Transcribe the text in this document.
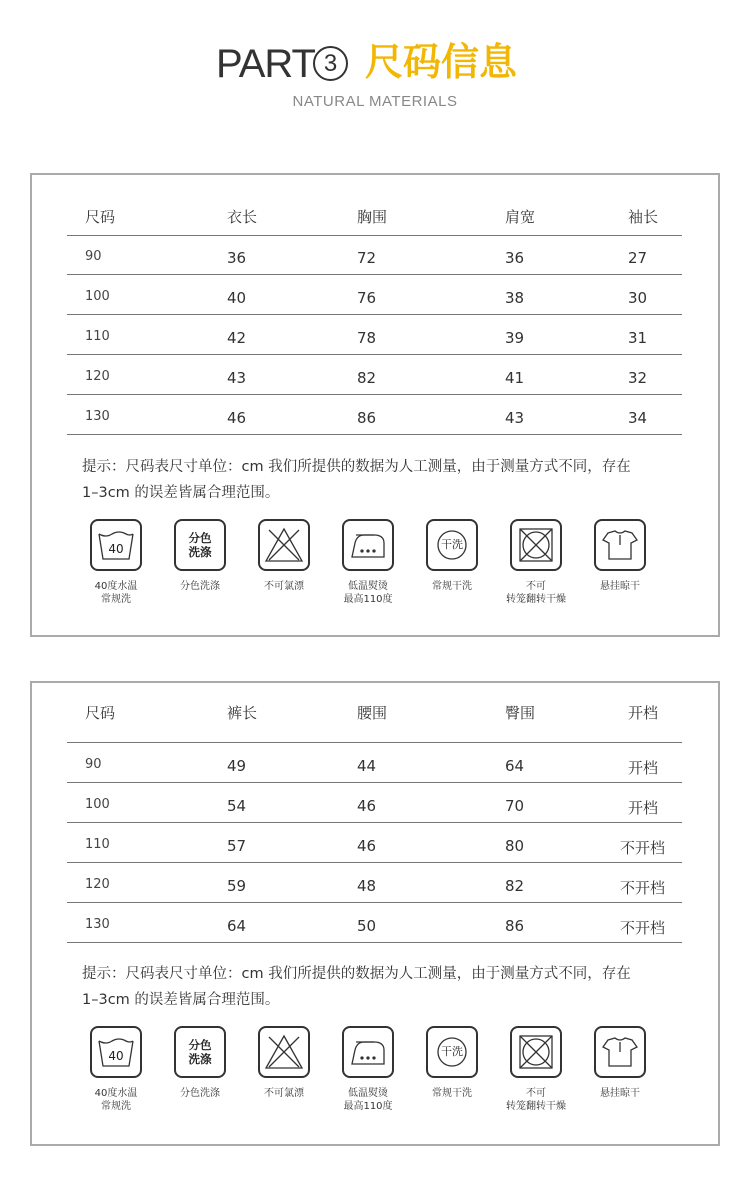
PART 3 尺码信息
NATURAL MATERIALS
尺码	衣长	胸围	肩宽	袖长
90	36	72	36	27
100	40	76	38	30
110	42	78	39	31
120	43	82	41	32
130	46	86	43	34
提示：尺码表尺寸单位：cm 我们所提供的数据为人工测量，由于测量方式不同，存在
1–3cm 的误差皆属合理范围。
40
40度水温
常规洗
分色
洗涤
分色洗涤	不可氯漂	低温熨烫
最高110度
干洗
常规干洗	不可
转笼翻转干燥
悬挂晾干
尺码	裤长	腰围	臀围	开档
90	49	44	64	开档
100	54	46	70	开档
110	57	46	80	不开档
120	59	48	82	不开档
130	64	50	86	不开档
提示：尺码表尺寸单位：cm 我们所提供的数据为人工测量，由于测量方式不同，存在
1–3cm 的误差皆属合理范围。
40
40度水温
常规洗
分色
洗涤
分色洗涤	不可氯漂	低温熨烫
最高110度
干洗
常规干洗	不可
转笼翻转干燥
悬挂晾干
